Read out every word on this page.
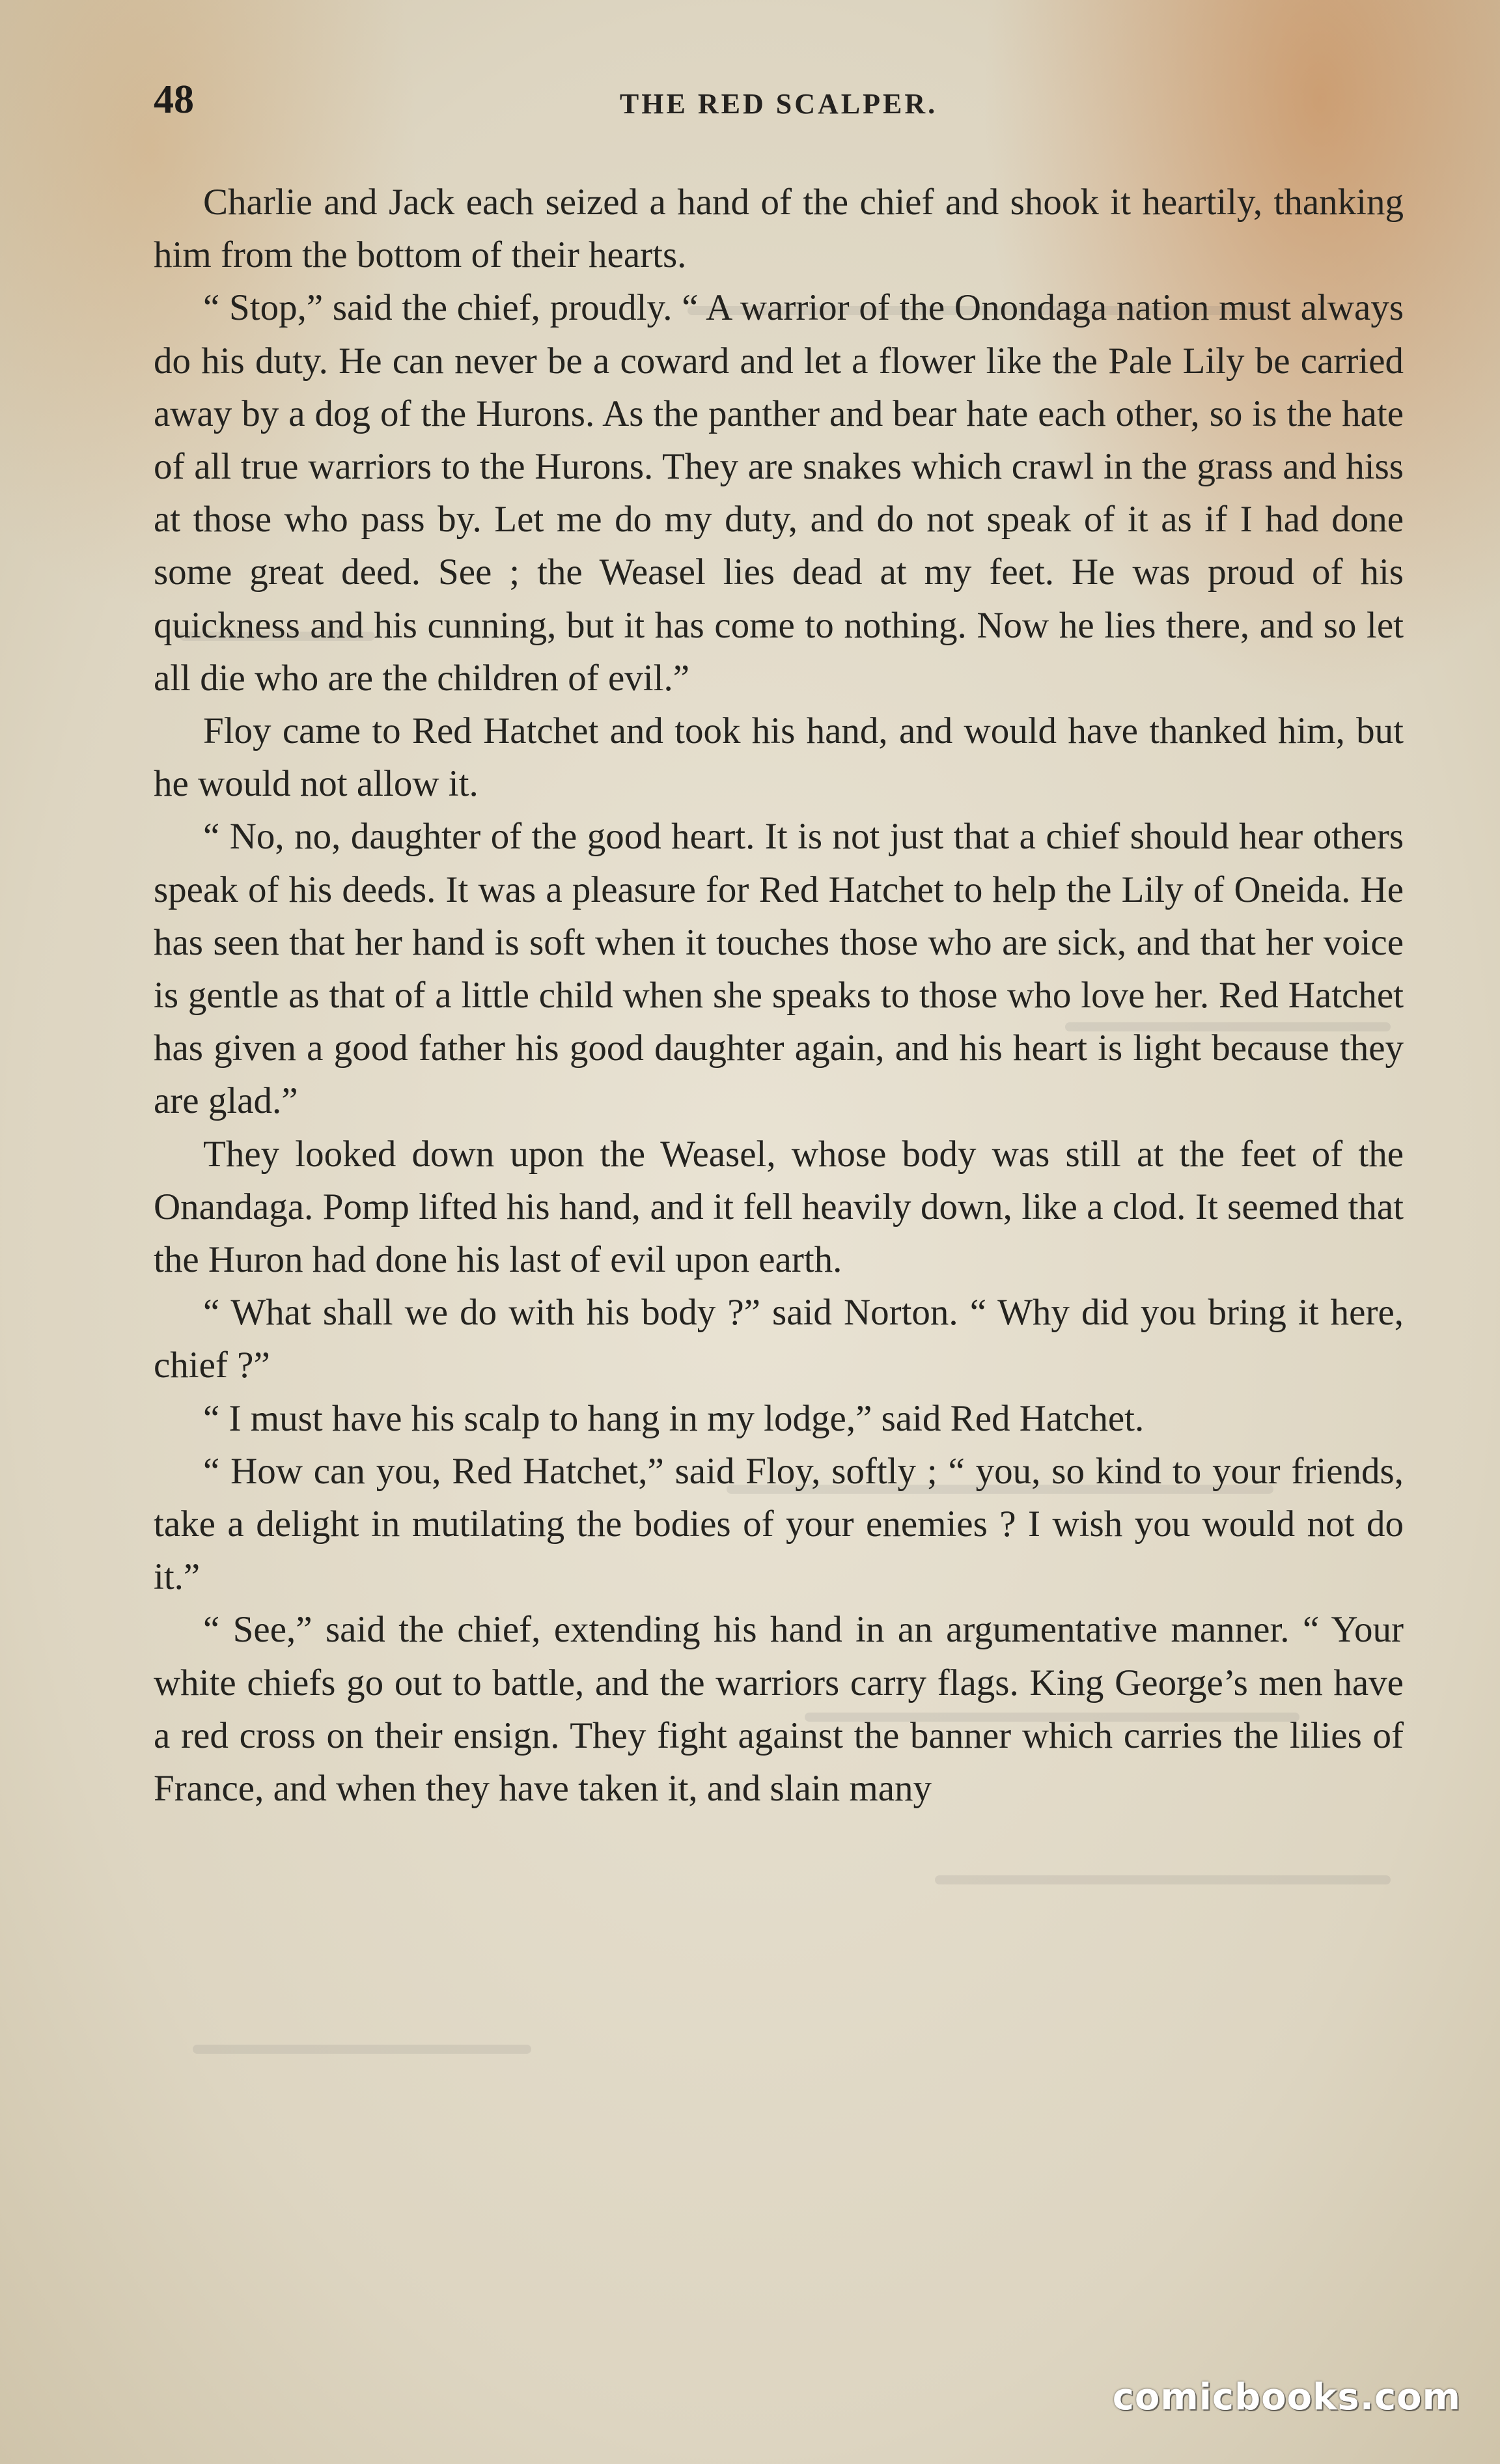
48	THE RED SCALPER.

Charlie and Jack each seized a hand of the chief and shook it heartily, thanking him from the bottom of their hearts.

“ Stop,” said the chief, proudly. “ A warrior of the Onondaga nation must always do his duty. He can never be a coward and let a flower like the Pale Lily be carried away by a dog of the Hurons. As the panther and bear hate each other, so is the hate of all true warriors to the Hurons. They are snakes which crawl in the grass and hiss at those who pass by. Let me do my duty, and do not speak of it as if I had done some great deed. See ; the Weasel lies dead at my feet. He was proud of his quickness and his cunning, but it has come to nothing. Now he lies there, and so let all die who are the children of evil.”

Floy came to Red Hatchet and took his hand, and would have thanked him, but he would not allow it.

“ No, no, daughter of the good heart. It is not just that a chief should hear others speak of his deeds. It was a pleasure for Red Hatchet to help the Lily of Oneida. He has seen that her hand is soft when it touches those who are sick, and that her voice is gentle as that of a little child when she speaks to those who love her. Red Hatchet has given a good father his good daughter again, and his heart is light because they are glad.”

They looked down upon the Weasel, whose body was still at the feet of the Onandaga. Pomp lifted his hand, and it fell heavily down, like a clod. It seemed that the Huron had done his last of evil upon earth.

“ What shall we do with his body ?” said Norton. “ Why did you bring it here, chief ?”

“ I must have his scalp to hang in my lodge,” said Red Hatchet.

“ How can you, Red Hatchet,” said Floy, softly ; “ you, so kind to your friends, take a delight in mutilating the bodies of your enemies ? I wish you would not do it.”

“ See,” said the chief, extending his hand in an argumentative manner. “ Your white chiefs go out to battle, and the warriors carry flags. King George’s men have a red cross on their ensign. They fight against the banner which carries the lilies of France, and when they have taken it, and slain many

comicbooks.com
